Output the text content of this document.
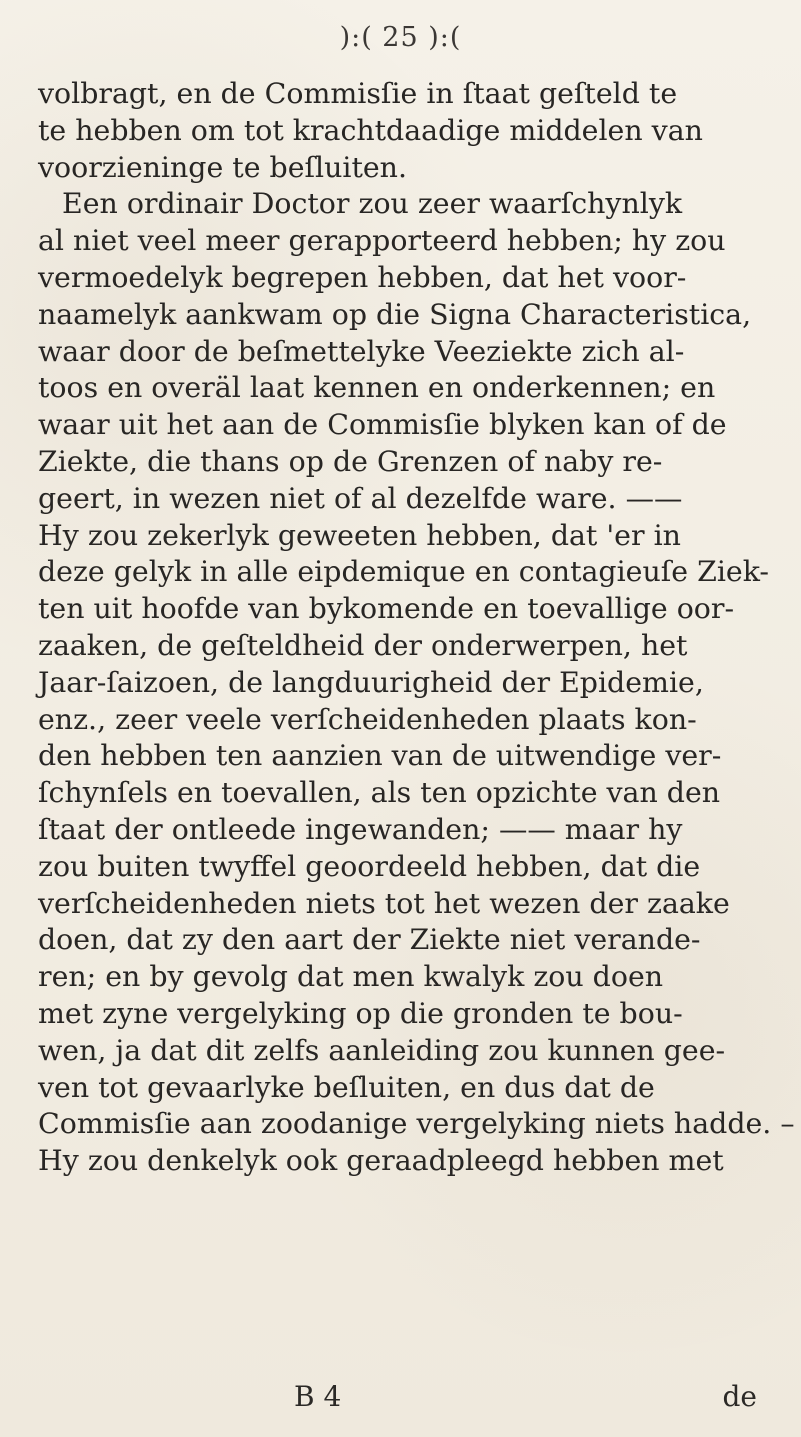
):( 25 ):(
volbragt, en de Commisſie in ſtaat geſteld te
te hebben om tot krachtdaadige middelen van
voorzieninge te beſluiten.
Een ordinair Doctor zou zeer waarſchynlyk
al niet veel meer gerapporteerd hebben; hy zou
vermoedelyk begrepen hebben, dat het voor-
naamelyk aankwam op die Signa Characteristica,
waar door de beſmettelyke Veeziekte zich al-
toos en overäl laat kennen en onderkennen; en
waar uit het aan de Commisſie blyken kan of de
Ziekte, die thans op de Grenzen of naby re-
geert, in wezen niet of al dezelfde ware. ——
Hy zou zekerlyk geweeten hebben, dat 'er in
deze gelyk in alle eipdemique en contagieuſe Ziek-
ten uit hoofde van bykomende en toevallige oor-
zaaken, de geſteldheid der onderwerpen, het
Jaar-ſaizoen, de langduurigheid der Epidemie,
enz., zeer veele verſcheidenheden plaats kon-
den hebben ten aanzien van de uitwendige ver-
ſchynſels en toevallen, als ten opzichte van den
ſtaat der ontleede ingewanden; —— maar hy
zou buiten twyffel geoordeeld hebben, dat die
verſcheidenheden niets tot het wezen der zaake
doen, dat zy den aart der Ziekte niet verande-
ren; en by gevolg dat men kwalyk zou doen
met zyne vergelyking op die gronden te bou-
wen, ja dat dit zelfs aanleiding zou kunnen gee-
ven tot gevaarlyke beſluiten, en dus dat de
Commisſie aan zoodanige vergelyking niets hadde. –
Hy zou denkelyk ook geraadpleegd hebben met
B 4	de
